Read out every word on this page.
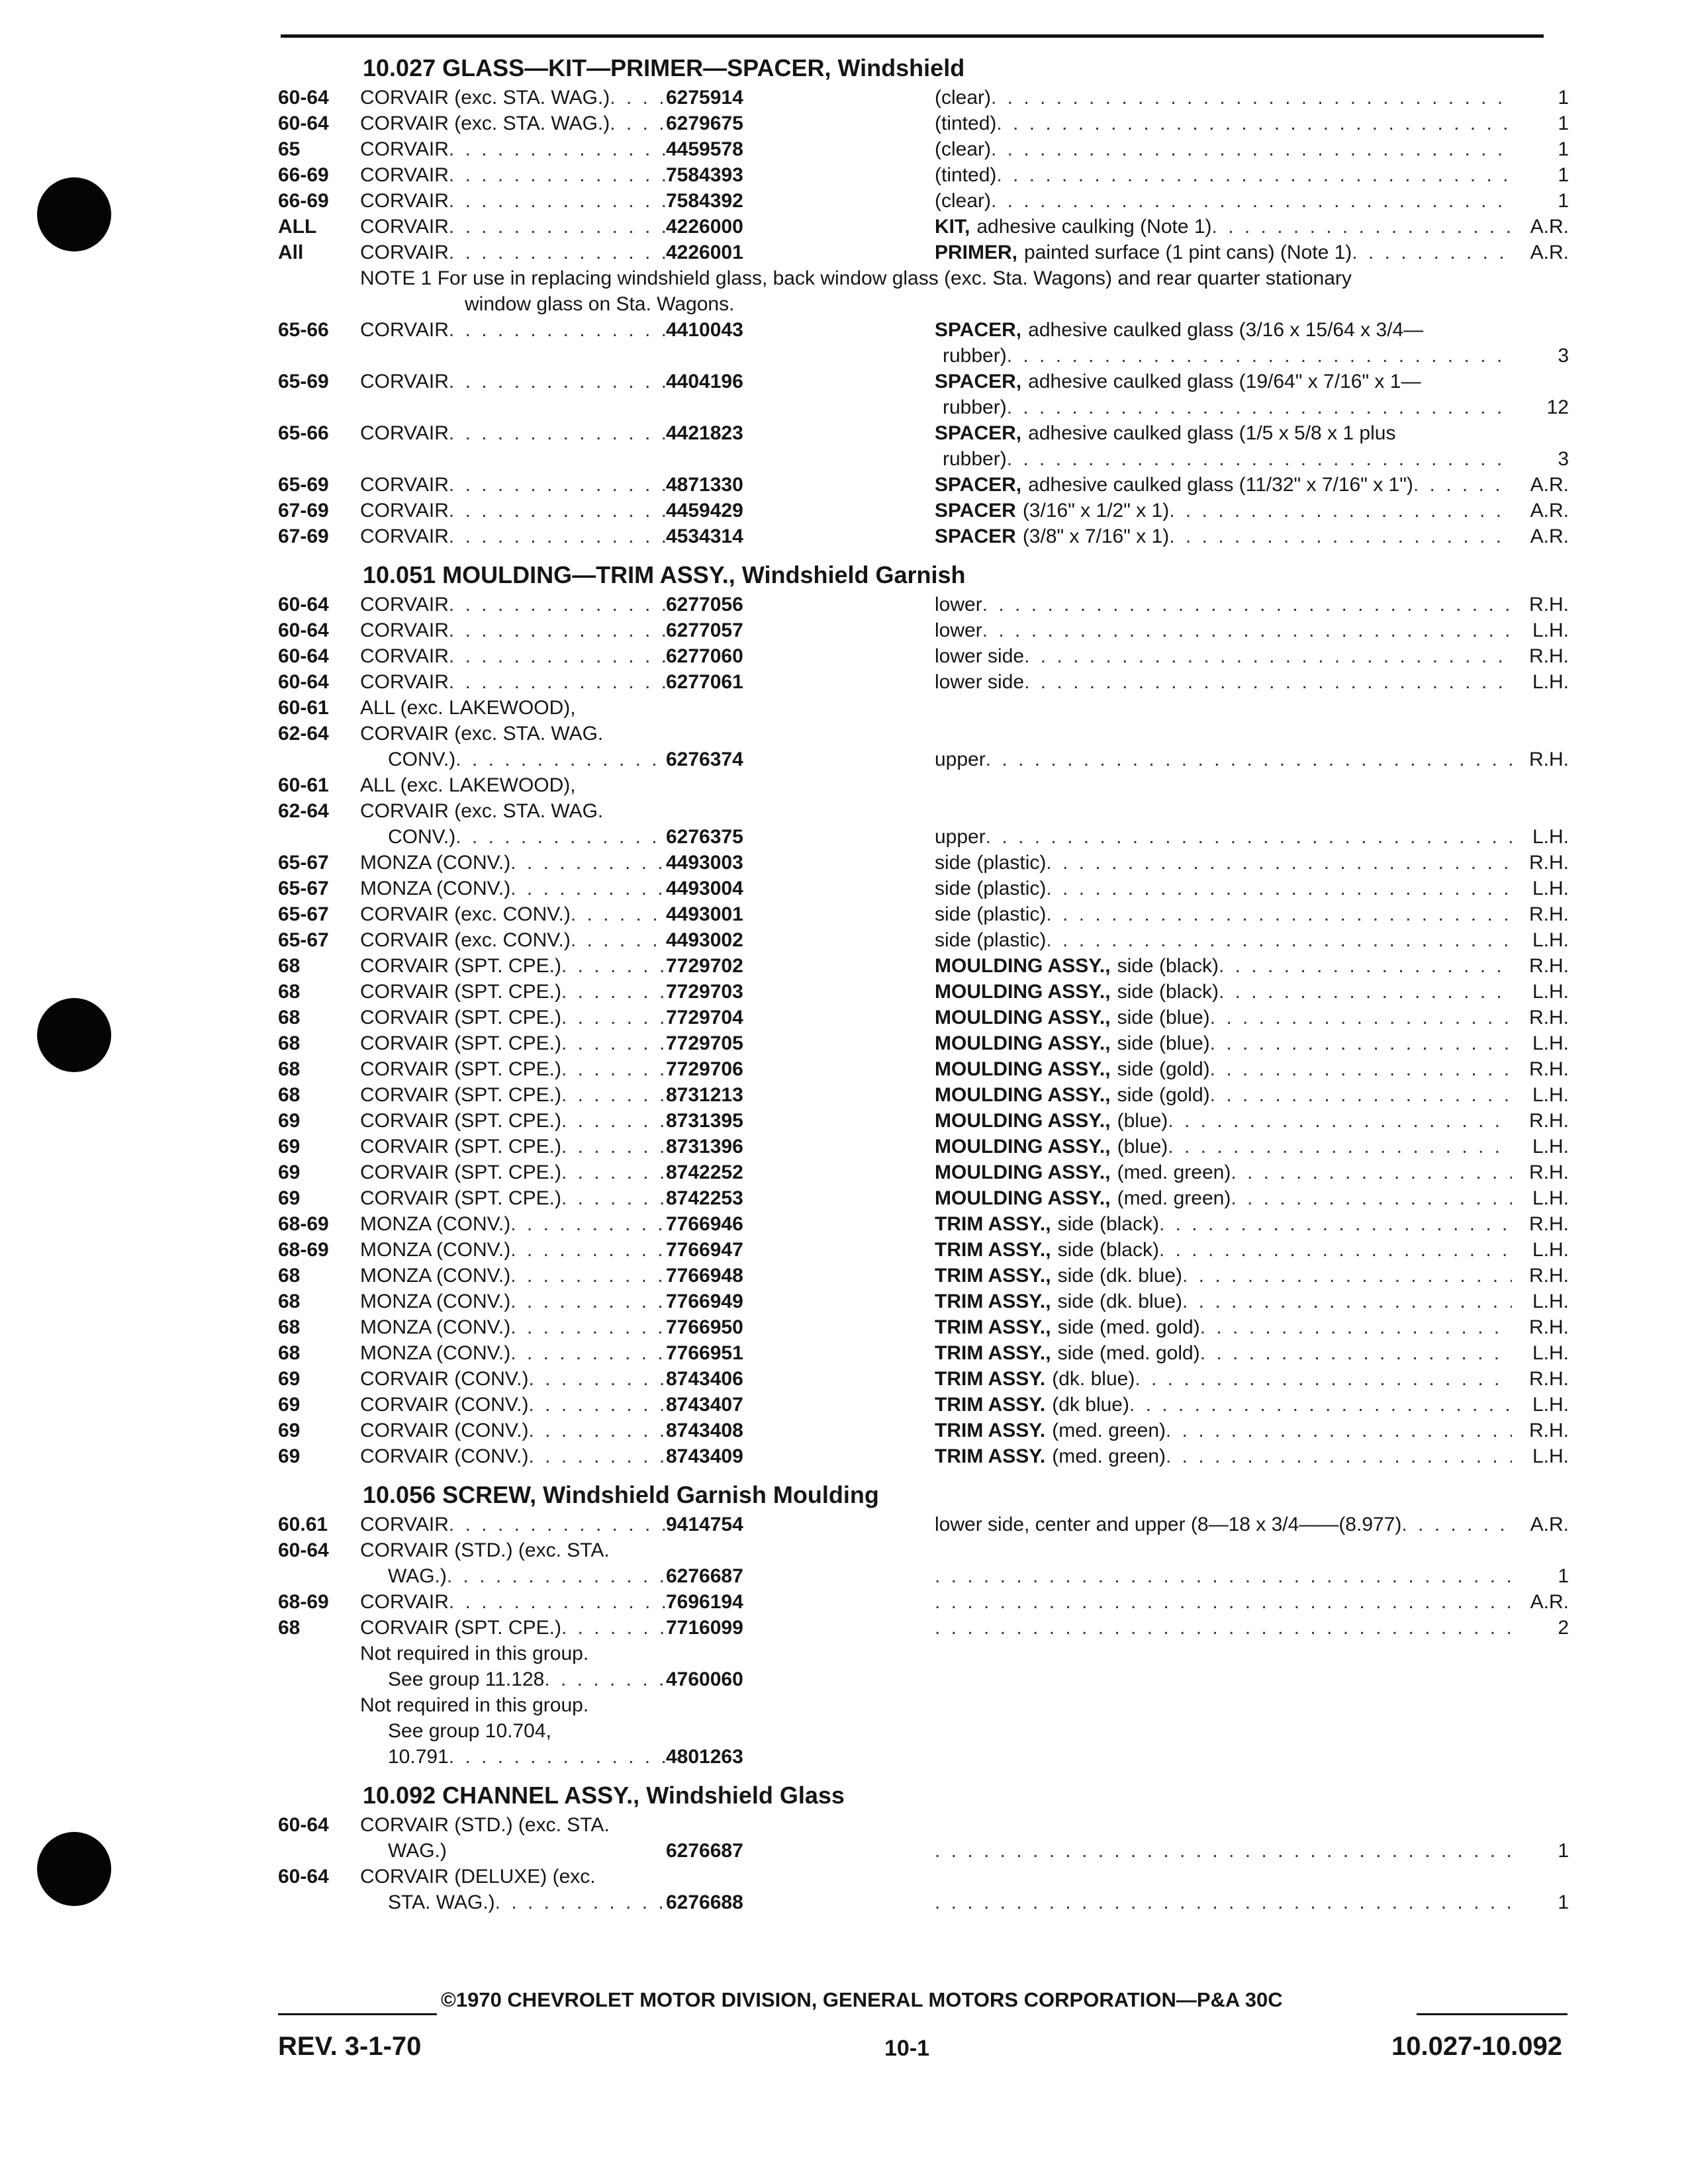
10.027 GLASS—KIT—PRIMER—SPACER, Windshield
60-64	CORVAIR (exc. STA. WAG.) . . .	6275914	(clear) . . .	1
60-64	CORVAIR (exc. STA. WAG.) . . .	6279675	(tinted) . . .	1
65	CORVAIR . . .	4459578	(clear) . . .	1
66-69	CORVAIR . . .	7584393	(tinted) . . .	1
66-69	CORVAIR . . .	7584392	(clear) . . .	1
ALL	CORVAIR . . .	4226000	KIT, adhesive caulking (Note 1) . . .	A.R.
All	CORVAIR . . .	4226001	PRIMER, painted surface (1 pint cans) (Note 1) . . .	A.R.
NOTE 1 For use in replacing windshield glass, back window glass (exc. Sta. Wagons) and rear quarter stationary
window glass on Sta. Wagons.
65-66	CORVAIR . . .	4410043	SPACER, adhesive caulked glass (3/16 x 15/64 x 3/4—
rubber) . . .	3
65-69	CORVAIR . . .	4404196	SPACER, adhesive caulked glass (19/64" x 7/16" x 1—
rubber) . . .	12
65-66	CORVAIR . . .	4421823	SPACER, adhesive caulked glass (1/5 x 5/8 x 1 plus
rubber) . . .	3
65-69	CORVAIR . . .	4871330	SPACER, adhesive caulked glass (11/32" x 7/16" x 1") . . .	A.R.
67-69	CORVAIR . . .	4459429	SPACER (3/16" x 1/2" x 1) . . .	A.R.
67-69	CORVAIR . . .	4534314	SPACER (3/8" x 7/16" x 1) . . .	A.R.
10.051 MOULDING—TRIM ASSY., Windshield Garnish
60-64	CORVAIR . . .	6277056	lower . . .	R.H.
60-64	CORVAIR . . .	6277057	lower . . .	L.H.
60-64	CORVAIR . . .	6277060	lower side . . .	R.H.
60-64	CORVAIR . . .	6277061	lower side . . .	L.H.
60-61	ALL (exc. LAKEWOOD),
62-64	CORVAIR (exc. STA. WAG.
CONV.) . . .	6276374	upper . . .	R.H.
60-61	ALL (exc. LAKEWOOD),
62-64	CORVAIR (exc. STA. WAG.
CONV.) . . .	6276375	upper . . .	L.H.
65-67	MONZA (CONV.) . . .	4493003	side (plastic) . . .	R.H.
65-67	MONZA (CONV.) . . .	4493004	side (plastic) . . .	L.H.
65-67	CORVAIR (exc. CONV.) . . .	4493001	side (plastic) . . .	R.H.
65-67	CORVAIR (exc. CONV.) . . .	4493002	side (plastic) . . .	L.H.
68	CORVAIR (SPT. CPE.) . . .	7729702	MOULDING ASSY., side (black) . . .	R.H.
68	CORVAIR (SPT. CPE.) . . .	7729703	MOULDING ASSY., side (black) . . .	L.H.
68	CORVAIR (SPT. CPE.) . . .	7729704	MOULDING ASSY., side (blue) . . .	R.H.
68	CORVAIR (SPT. CPE.) . . .	7729705	MOULDING ASSY., side (blue) . . .	L.H.
68	CORVAIR (SPT. CPE.) . . .	7729706	MOULDING ASSY., side (gold) . . .	R.H.
68	CORVAIR (SPT. CPE.) . . .	8731213	MOULDING ASSY., side (gold) . . .	L.H.
69	CORVAIR (SPT. CPE.) . . .	8731395	MOULDING ASSY., (blue) . . .	R.H.
69	CORVAIR (SPT. CPE.) . . .	8731396	MOULDING ASSY., (blue) . . .	L.H.
69	CORVAIR (SPT. CPE.) . . .	8742252	MOULDING ASSY., (med. green) . . .	R.H.
69	CORVAIR (SPT. CPE.) . . .	8742253	MOULDING ASSY., (med. green) . . .	L.H.
68-69	MONZA (CONV.) . . .	7766946	TRIM ASSY., side (black) . . .	R.H.
68-69	MONZA (CONV.) . . .	7766947	TRIM ASSY., side (black) . . .	L.H.
68	MONZA (CONV.) . . .	7766948	TRIM ASSY., side (dk. blue) . . .	R.H.
68	MONZA (CONV.) . . .	7766949	TRIM ASSY., side (dk. blue) . . .	L.H.
68	MONZA (CONV.) . . .	7766950	TRIM ASSY., side (med. gold) . . .	R.H.
68	MONZA (CONV.) . . .	7766951	TRIM ASSY., side (med. gold) . . .	L.H.
69	CORVAIR (CONV.) . . .	8743406	TRIM ASSY. (dk. blue) . . .	R.H.
69	CORVAIR (CONV.) . . .	8743407	TRIM ASSY. (dk blue) . . .	L.H.
69	CORVAIR (CONV.) . . .	8743408	TRIM ASSY. (med. green) . . .	R.H.
69	CORVAIR (CONV.) . . .	8743409	TRIM ASSY. (med. green) . . .	L.H.
10.056 SCREW, Windshield Garnish Moulding
60.61	CORVAIR . . .	9414754	lower side, center and upper (8—18 x 3/4——(8.977) . . .	A.R.
60-64	CORVAIR (STD.) (exc. STA.
WAG.) . . .	6276687 . . .	1
68-69	CORVAIR . . .	7696194 . . .	A.R.
68	CORVAIR (SPT. CPE.) . . .	7716099 . . .	2
Not required in this group.
See group 11.128 . . .	4760060
Not required in this group.
See group 10.704,
10.791 . . .	4801263
10.092 CHANNEL ASSY., Windshield Glass
60-64	CORVAIR (STD.) (exc. STA.
WAG.)	6276687 . . .	1
60-64	CORVAIR (DELUXE) (exc.
STA. WAG.) . . .	6276688 . . .	1
©1970 CHEVROLET MOTOR DIVISION, GENERAL MOTORS CORPORATION—P&A 30C
REV. 3-1-70	10-1	10.027-10.092
